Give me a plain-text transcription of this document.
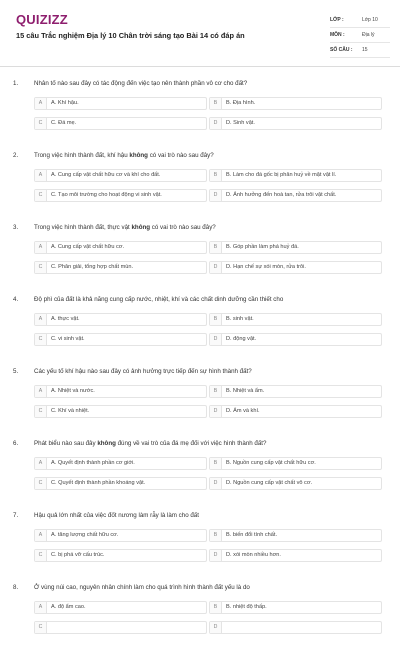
QUIZIZZ
15 câu Trắc nghiệm Địa lý 10 Chân trời sáng tạo Bài 14 có đáp án
LỚP :	Lớp 10
MÔN :	Địa lý
SỐ CÂU : 15
1.	Nhân tố nào sau đây có tác động đến việc tạo nên thành phần vô cơ cho đất?
A	A. Khí hậu.	B	B. Địa hình.
C	C. Đá mẹ.	D	D. Sinh vật.
2.	Trong việc hình thành đất, khí hậu không có vai trò nào sau đây?
A	A. Cung cấp vật chất hữu cơ và khí cho đất.	B	B. Làm cho đá gốc bị phân huỷ về mặt vật lí.
C	C. Tạo môi trường cho hoạt động vi sinh vật.	D	D. Ảnh hưởng đến hoà tan, rửa trôi vật chất.
3.	Trong việc hình thành đất, thực vật không có vai trò nào sau đây?
A	A. Cung cấp vật chất hữu cơ.	B	B. Góp phần làm phá huỷ đá.
C	C. Phân giải, tổng hợp chất mùn.	D	D. Hạn chế sự xói mòn, rửa trôi.
4.	Độ phì của đất là khả năng cung cấp nước, nhiệt, khí và các chất dinh dưỡng cần thiết cho
A	A. thực vật.	B	B. sinh vật.
C	C. vi sinh vật.	D	D. động vật.
5.	Các yếu tố khí hậu nào sau đây có ảnh hưởng trực tiếp đến sự hình thành đất?
A	A. Nhiệt và nước.	B	B. Nhiệt và ẩm.
C	C. Khí và nhiệt.	D	D. Ẩm và khí.
6.	Phát biểu nào sau đây không đúng về vai trò của đá mẹ đối với việc hình thành đất?
A	A. Quyết định thành phần cơ giới.	B	B. Nguồn cung cấp vật chất hữu cơ.
C	C. Quyết định thành phần khoáng vật.	D	D. Nguồn cung cấp vật chất vô cơ.
7.	Hậu quả lớn nhất của việc đốt nương làm rẫy là làm cho đất
A	A. tăng lượng chất hữu cơ.	B	B. biến đổi tính chất.
C	C. bị phá vỡ cấu trúc.	D	D. xói mòn nhiều hơn.
8.	Ở vùng núi cao, nguyên nhân chính làm cho quá trình hình thành đất yếu là do
A	A. độ ẩm cao.	B	B. nhiệt độ thấp.
C	D
